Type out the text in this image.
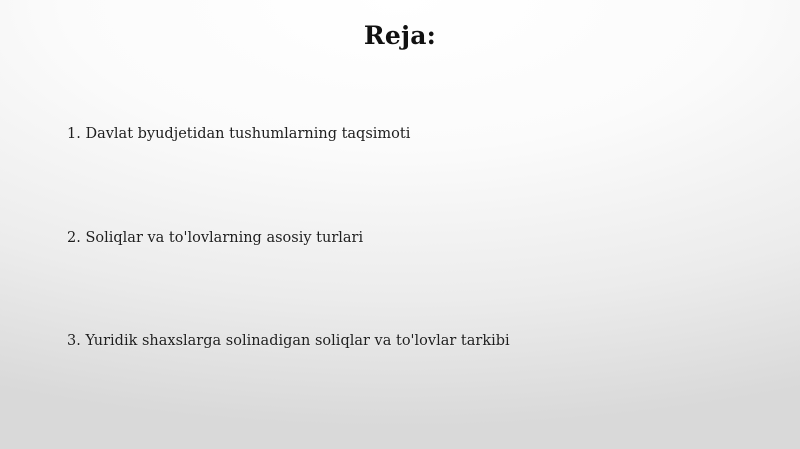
Reja:
1. Davlat byudjetidan tushumlarning taqsimoti
2. Soliqlar va to'lovlarning asosiy turlari
3. Yuridik shaxslarga solinadigan soliqlar va to'lovlar tarkibi
